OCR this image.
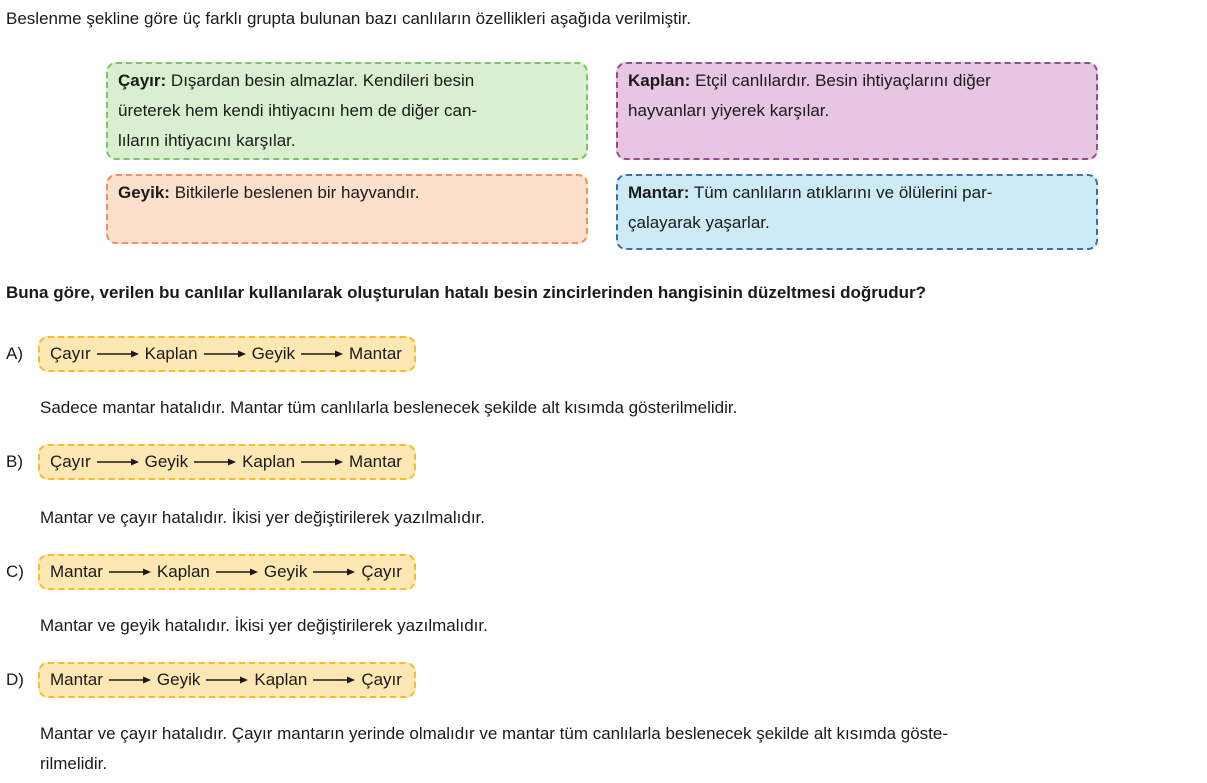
Beslenme şekline göre üç farklı grupta bulunan bazı canlıların özellikleri aşağıda verilmiştir.
Çayır: Dışardan besin almazlar. Kendileri besin
üreterek hem kendi ihtiyacını hem de diğer can-
lıların ihtiyacını karşılar.
Kaplan: Etçil canlılardır. Besin ihtiyaçlarını diğer
hayvanları yiyerek karşılar.
Geyik: Bitkilerle beslenen bir hayvandır.	Mantar: Tüm canlıların atıklarını ve ölülerini par-
çalayarak yaşarlar.
Buna göre, verilen bu canlılar kullanılarak oluşturulan hatalı besin zincirlerinden hangisinin düzeltmesi doğrudur?
A) Çayır	Kaplan	Geyik	Mantar
Sadece mantar hatalıdır. Mantar tüm canlılarla beslenecek şekilde alt kısımda gösterilmelidir.
B) Çayır	Geyik	Kaplan	Mantar
Mantar ve çayır hatalıdır. İkisi yer değiştirilerek yazılmalıdır.
C) Mantar	Kaplan	Geyik	Çayır
Mantar ve geyik hatalıdır. İkisi yer değiştirilerek yazılmalıdır.
D) Mantar	Geyik	Kaplan	Çayır
Mantar ve çayır hatalıdır. Çayır mantarın yerinde olmalıdır ve mantar tüm canlılarla beslenecek şekilde alt kısımda göste-
rilmelidir.
